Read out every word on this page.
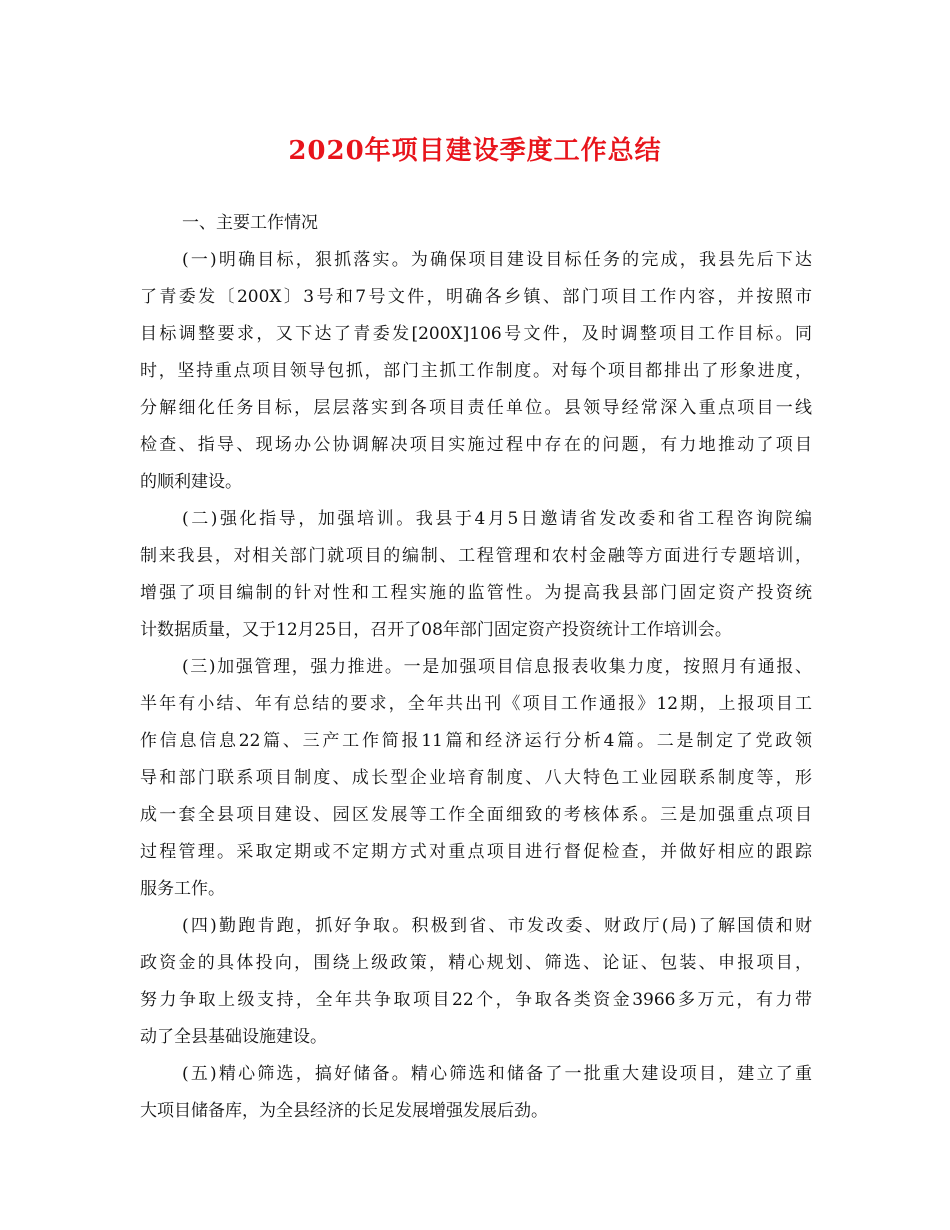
2020年项目建设季度工作总结
一、主要工作情况
(一)明确目标，狠抓落实。为确保项目建设目标任务的完成，我县先后下达
了青委发〔200X〕3号和7号文件，明确各乡镇、部门项目工作内容，并按照市
目标调整要求，又下达了青委发[200X]106号文件，及时调整项目工作目标。同
时，坚持重点项目领导包抓，部门主抓工作制度。对每个项目都排出了形象进度，
分解细化任务目标，层层落实到各项目责任单位。县领导经常深入重点项目一线
检查、指导、现场办公协调解决项目实施过程中存在的问题，有力地推动了项目
的顺利建设。
(二)强化指导，加强培训。我县于4月5日邀请省发改委和省工程咨询院编
制来我县，对相关部门就项目的编制、工程管理和农村金融等方面进行专题培训，
增强了项目编制的针对性和工程实施的监管性。为提高我县部门固定资产投资统
计数据质量，又于12月25日，召开了08年部门固定资产投资统计工作培训会。
(三)加强管理，强力推进。一是加强项目信息报表收集力度，按照月有通报、
半年有小结、年有总结的要求，全年共出刊《项目工作通报》12期，上报项目工
作信息信息22篇、三产工作简报11篇和经济运行分析4篇。二是制定了党政领
导和部门联系项目制度、成长型企业培育制度、八大特色工业园联系制度等，形
成一套全县项目建设、园区发展等工作全面细致的考核体系。三是加强重点项目
过程管理。采取定期或不定期方式对重点项目进行督促检查，并做好相应的跟踪
服务工作。
(四)勤跑肯跑，抓好争取。积极到省、市发改委、财政厅(局)了解国债和财
政资金的具体投向，围绕上级政策，精心规划、筛选、论证、包装、申报项目，
努力争取上级支持，全年共争取项目22个，争取各类资金3966多万元，有力带
动了全县基础设施建设。
(五)精心筛选，搞好储备。精心筛选和储备了一批重大建设项目，建立了重
大项目储备库，为全县经济的长足发展增强发展后劲。
